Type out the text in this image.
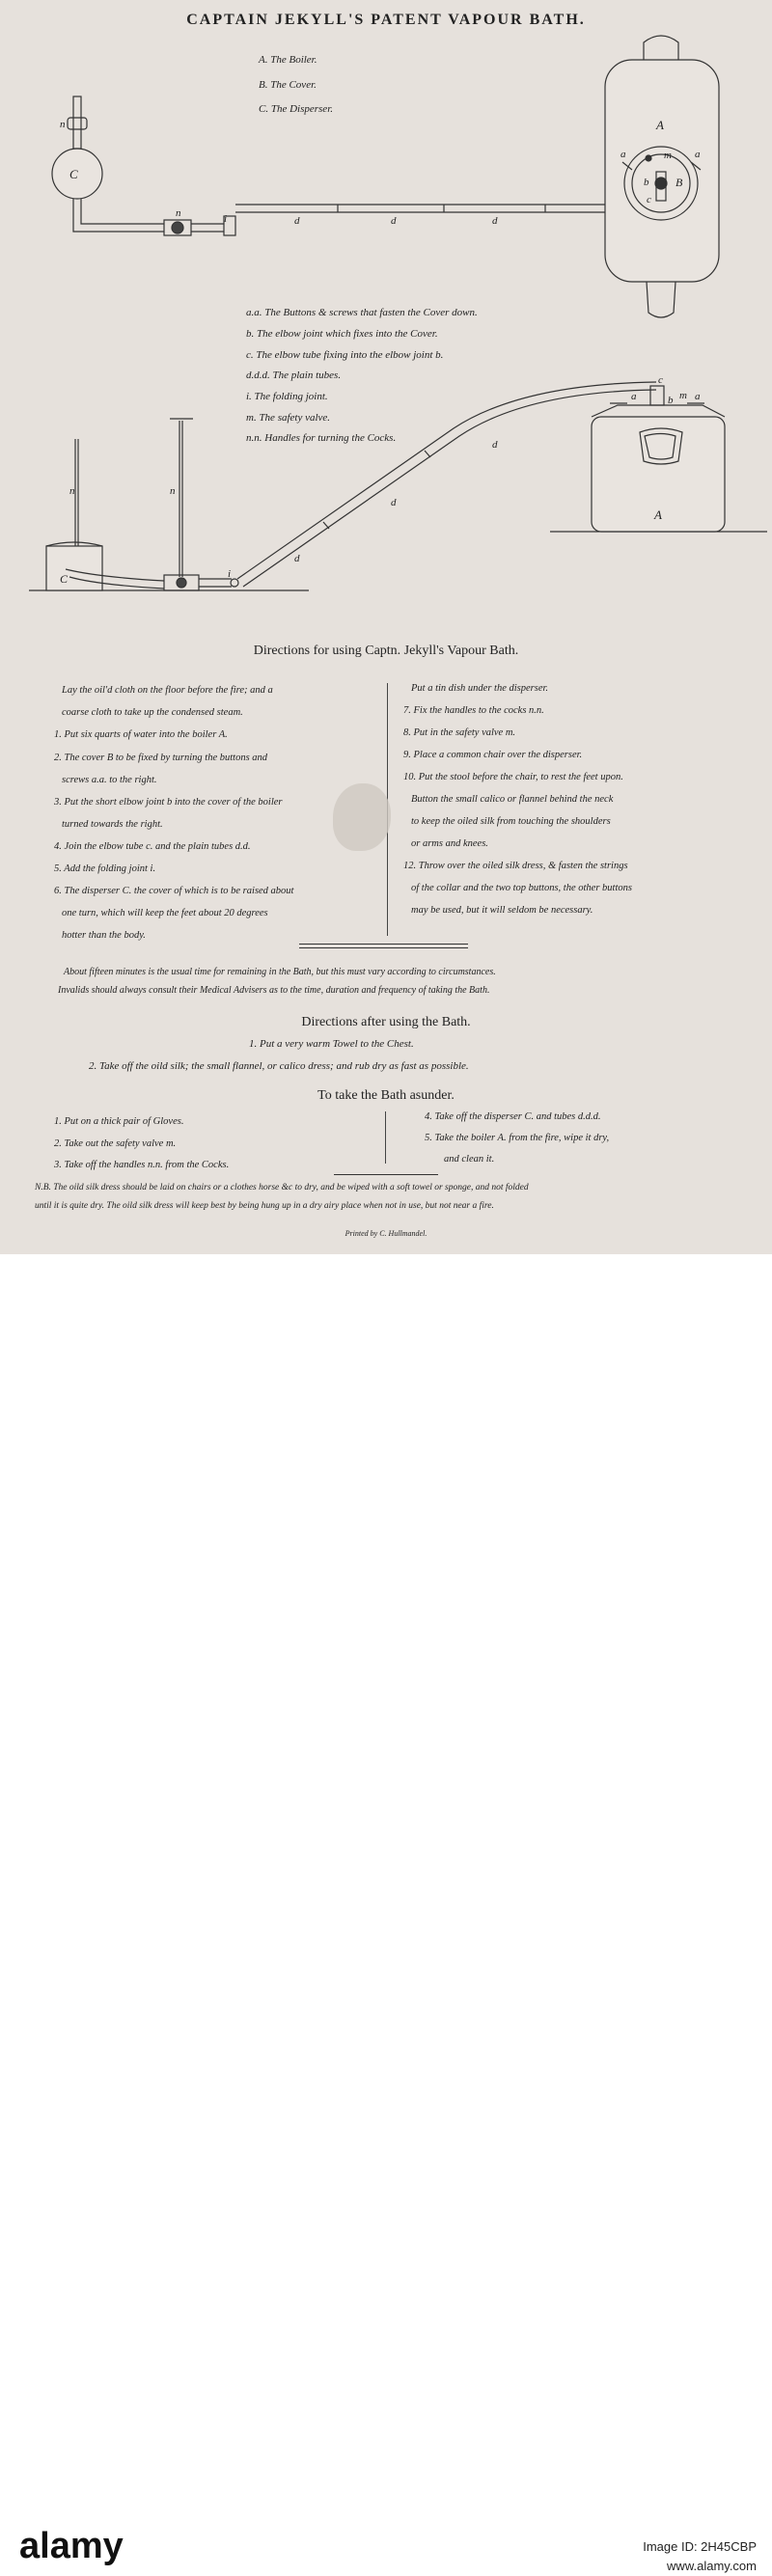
CAPTAIN JEKYLL'S PATENT VAPOUR BATH.
A. The Boiler.
B. The Cover.
C. The Disperser.
n
C
n	i	d	d	d
A
B
a	a
b
c
m
a.a. The Buttons & screws that fasten the Cover down.
b. The elbow joint which fixes into the Cover.
c. The elbow tube fixing into the elbow joint b.
d.d.d. The plain tubes.
i. The folding joint.
m. The safety valve.
n.n. Handles for turning the Cocks.
n	n
C	i
d
d
d
c
b m
a	a
A
Directions for using Captn. Jekyll's Vapour Bath.
Lay the oil'd cloth on the floor before the fire; and a
coarse cloth to take up the condensed steam.
1. Put six quarts of water into the boiler A.
2. The cover B to be fixed by turning the buttons and
screws a.a. to the right.
3. Put the short elbow joint b into the cover of the boiler
turned towards the right.
4. Join the elbow tube c. and the plain tubes d.d.
5. Add the folding joint i.
6. The disperser C. the cover of which is to be raised about
one turn, which will keep the feet about 20 degrees
hotter than the body.
Put a tin dish under the disperser.
7. Fix the handles to the cocks n.n.
8. Put in the safety valve m.
9. Place a common chair over the disperser.
10. Put the stool before the chair, to rest the feet upon.
Button the small calico or flannel behind the neck
to keep the oiled silk from touching the shoulders
or arms and knees.
12. Throw over the oiled silk dress, & fasten the strings
of the collar and the two top buttons, the other buttons
may be used, but it will seldom be necessary.
About fifteen minutes is the usual time for remaining in the Bath, but this must vary according to circumstances.
Invalids should always consult their Medical Advisers as to the time, duration and frequency of taking the Bath.
Directions after using the Bath.
1. Put a very warm Towel to the Chest.
2. Take off the oild silk; the small flannel, or calico dress; and rub dry as fast as possible.
To take the Bath asunder.
1. Put on a thick pair of Gloves.
2. Take out the safety valve m.
3. Take off the handles n.n. from the Cocks.
4. Take off the disperser C. and tubes d.d.d.
5. Take the boiler A. from the fire, wipe it dry,
and clean it.
N.B. The oild silk dress should be laid on chairs or a clothes horse &c to dry, and be wiped with a soft towel or sponge, and not folded
until it is quite dry. The oild silk dress will keep best by being hung up in a dry airy place when not in use, but not near a fire.
Printed by C. Hullmandel.
alamy	Image ID: 2H45CBP
www.alamy.com
